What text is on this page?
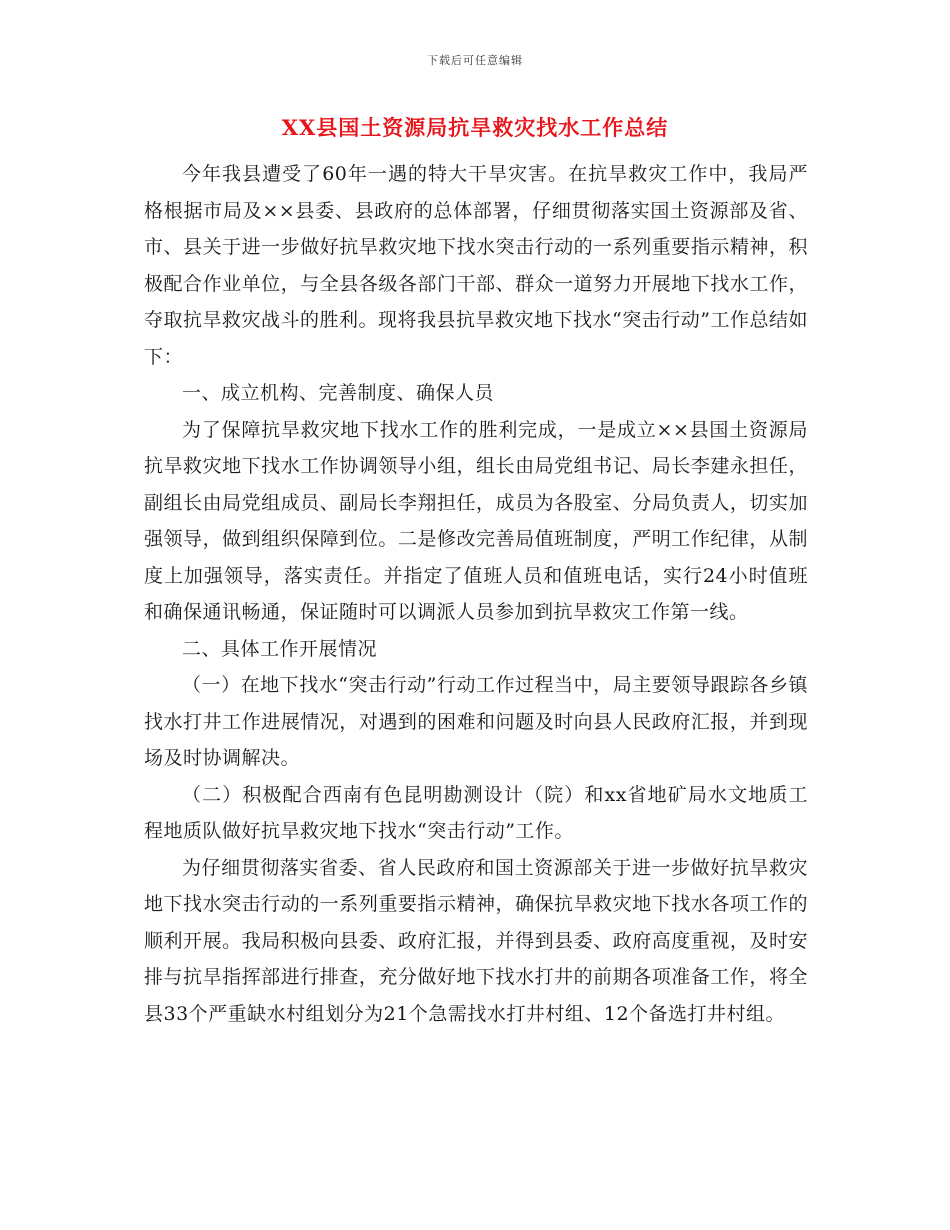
下载后可任意编辑
XX县国土资源局抗旱救灾找水工作总结

今年我县遭受了60年一遇的特大干旱灾害。在抗旱救灾工作中，我局严格根据市局及××县委、县政府的总体部署，仔细贯彻落实国土资源部及省、市、县关于进一步做好抗旱救灾地下找水突击行动的一系列重要指示精神，积极配合作业单位，与全县各级各部门干部、群众一道努力开展地下找水工作，夺取抗旱救灾战斗的胜利。现将我县抗旱救灾地下找水“突击行动”工作总结如下：

一、成立机构、完善制度、确保人员

为了保障抗旱救灾地下找水工作的胜利完成，一是成立××县国土资源局抗旱救灾地下找水工作协调领导小组，组长由局党组书记、局长李建永担任，副组长由局党组成员、副局长李翔担任，成员为各股室、分局负责人，切实加强领导，做到组织保障到位。二是修改完善局值班制度，严明工作纪律，从制度上加强领导，落实责任。并指定了值班人员和值班电话，实行24小时值班和确保通讯畅通，保证随时可以调派人员参加到抗旱救灾工作第一线。

二、具体工作开展情况

（一）在地下找水“突击行动”行动工作过程当中，局主要领导跟踪各乡镇找水打井工作进展情况，对遇到的困难和问题及时向县人民政府汇报，并到现场及时协调解决。

（二）积极配合西南有色昆明勘测设计（院）和xx省地矿局水文地质工程地质队做好抗旱救灾地下找水“突击行动”工作。

为仔细贯彻落实省委、省人民政府和国土资源部关于进一步做好抗旱救灾地下找水突击行动的一系列重要指示精神，确保抗旱救灾地下找水各项工作的顺利开展。我局积极向县委、政府汇报，并得到县委、政府高度重视，及时安排与抗旱指挥部进行排查，充分做好地下找水打井的前期各项准备工作，将全县33个严重缺水村组划分为21个急需找水打井村组、12个备选打井村组。
